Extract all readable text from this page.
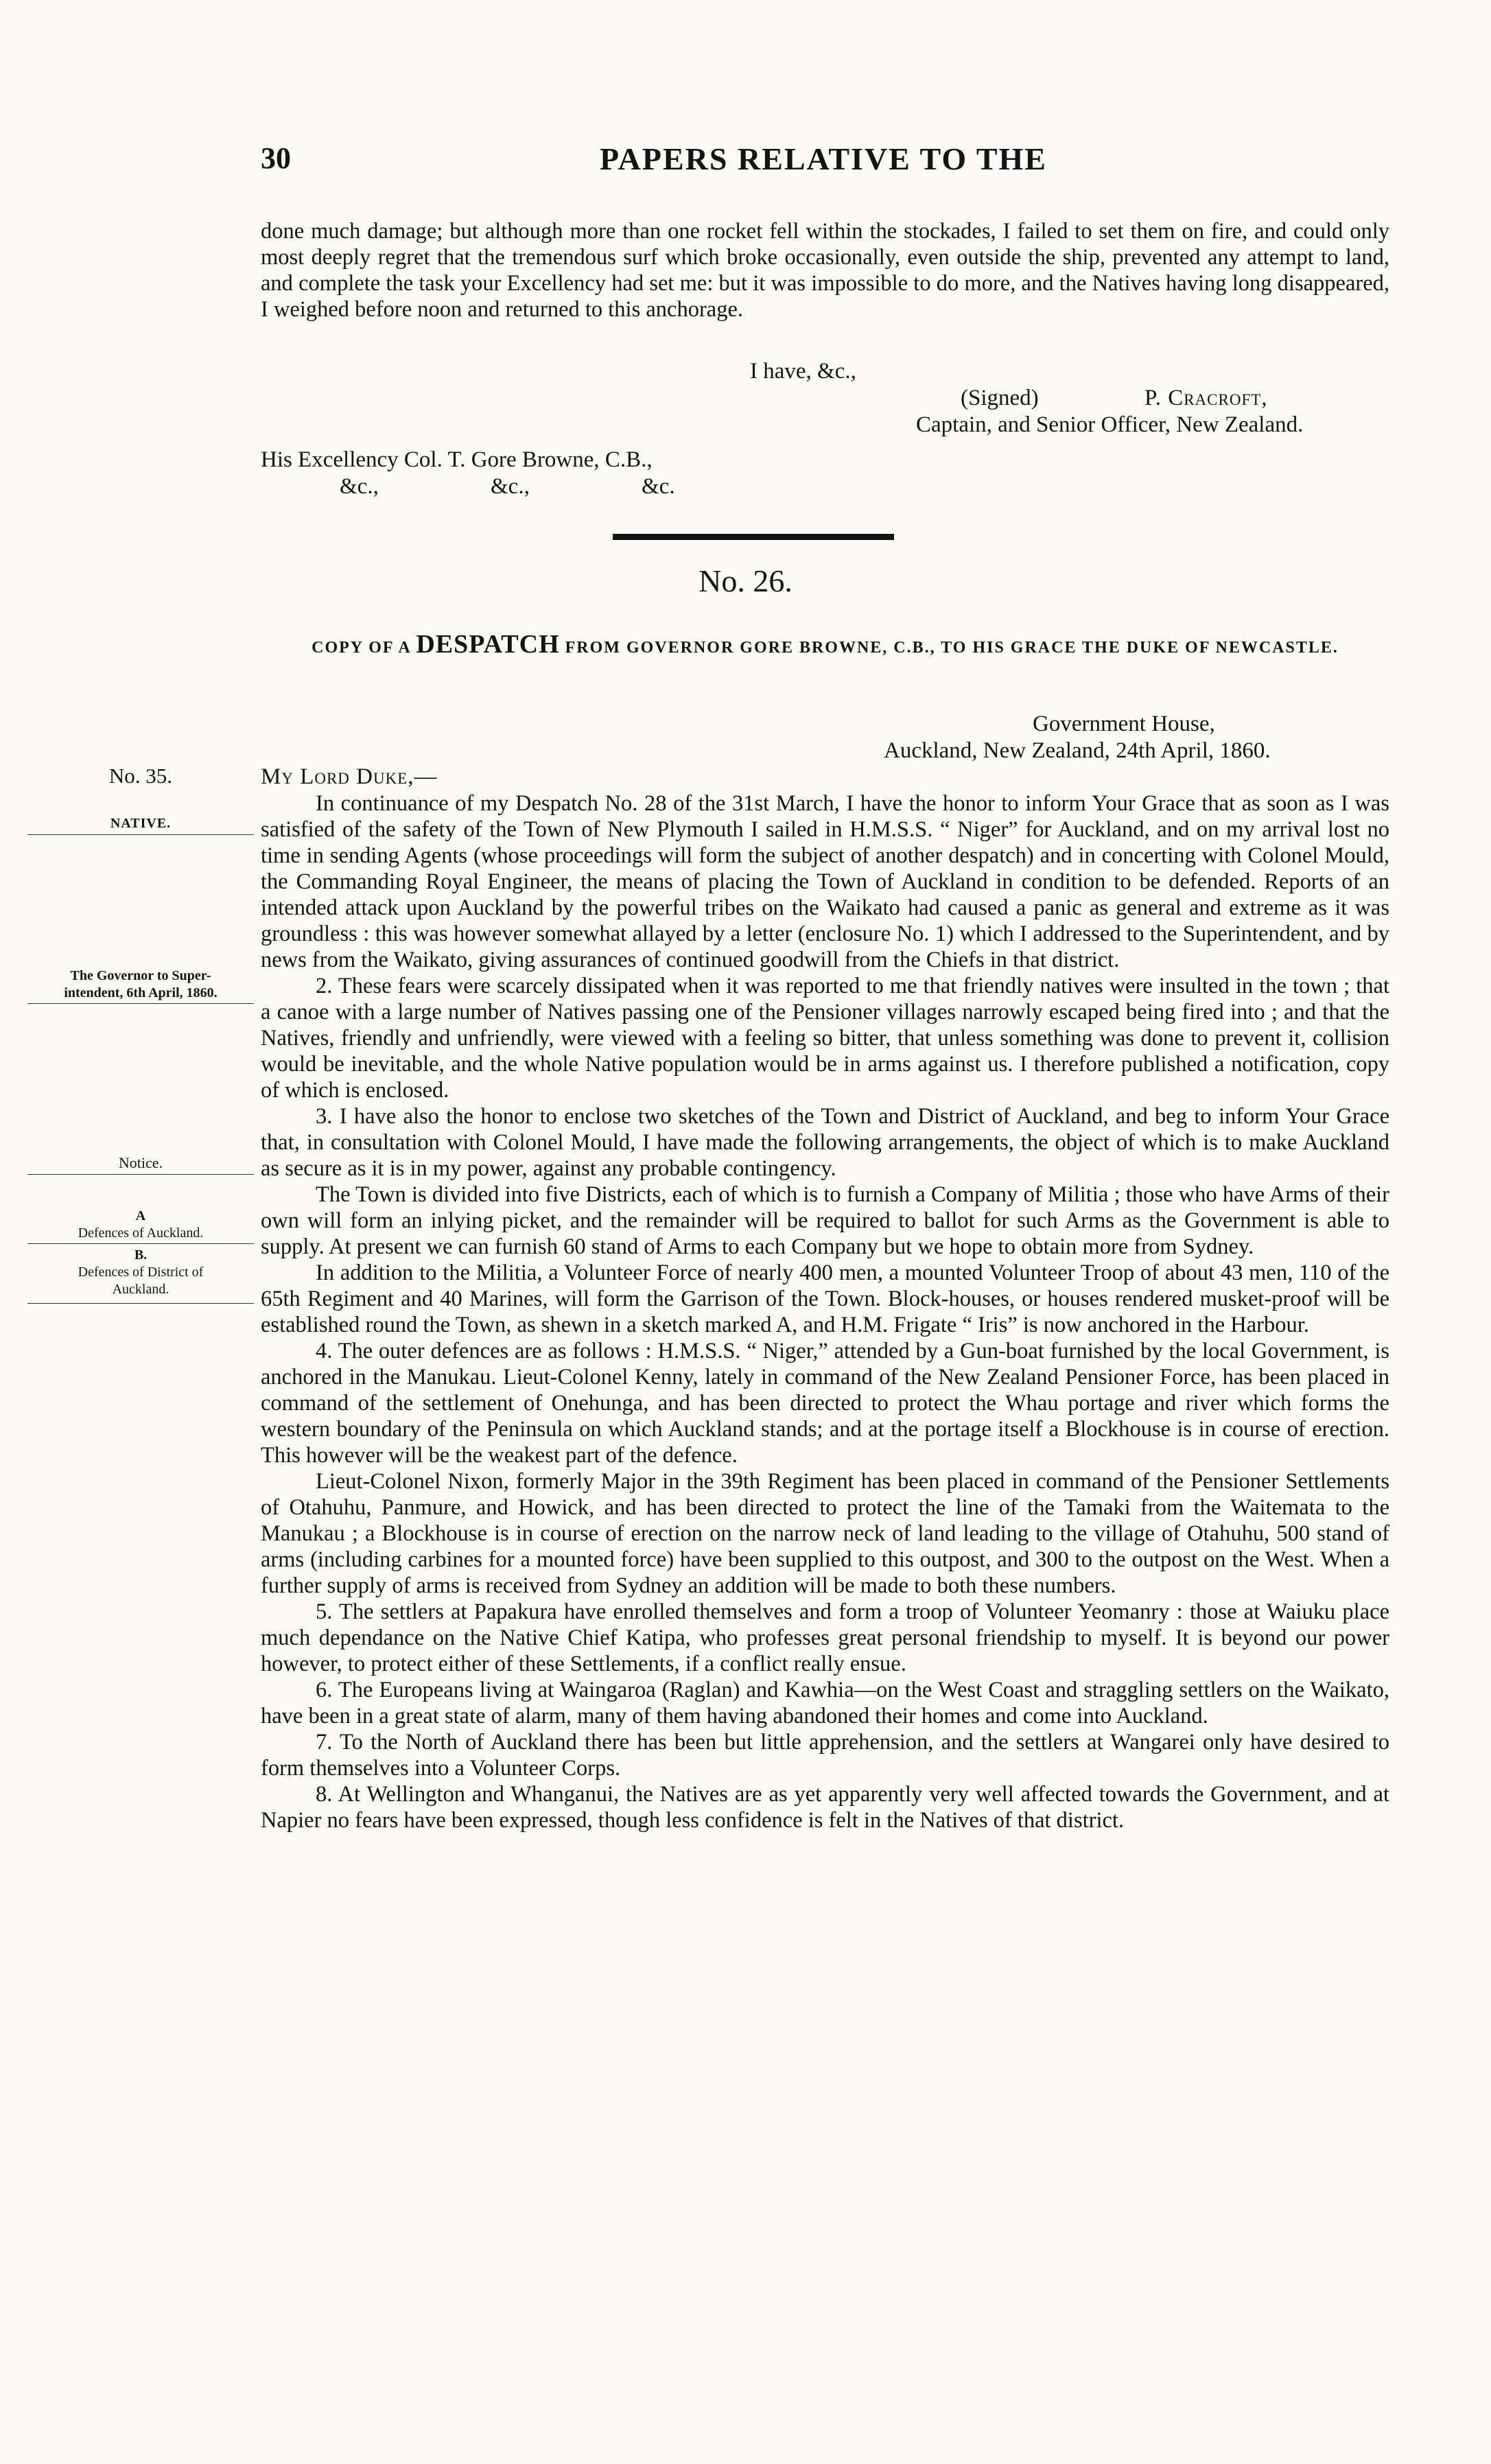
30	PAPERS RELATIVE TO THE

done much damage; but although more than one rocket fell within the stockades, I failed to set them on fire, and could only most deeply regret that the tremendous surf which broke occasionally, even outside the ship, prevented any attempt to land, and complete the task your Excellency had set me: but it was impossible to do more, and the Natives having long disappeared, I weighed before noon and returned to this anchorage.

I have, &c.,
(Signed)	P. Cracroft,
Captain, and Senior Officer, New Zealand.
His Excellency Col. T. Gore Browne, C.B.,
&c.,	&c.,	&c.
No. 26.
COPY OF A DESPATCH FROM GOVERNOR GORE BROWNE, C.B., TO HIS GRACE THE DUKE OF NEWCASTLE.
Government House,
Auckland, New Zealand, 24th April, 1860.
My Lord Duke,—

In continuance of my Despatch No. 28 of the 31st March, I have the honor to inform Your Grace that as soon as I was satisfied of the safety of the Town of New Plymouth I sailed in H.M.S.S. “ Niger” for Auckland, and on my arrival lost no time in sending Agents (whose proceedings will form the subject of another despatch) and in concerting with Colonel Mould, the Commanding Royal Engineer, the means of placing the Town of Auckland in condition to be defended. Reports of an intended attack upon Auckland by the powerful tribes on the Waikato had caused a panic as general and extreme as it was groundless : this was however somewhat allayed by a letter (enclosure No. 1) which I addressed to the Superintendent, and by news from the Waikato, giving assurances of continued goodwill from the Chiefs in that district.

2. These fears were scarcely dissipated when it was reported to me that friendly natives were insulted in the town ; that a canoe with a large number of Natives passing one of the Pensioner villages narrowly escaped being fired into ; and that the Natives, friendly and unfriendly, were viewed with a feeling so bitter, that unless something was done to prevent it, collision would be inevitable, and the whole Native population would be in arms against us. I therefore published a notification, copy of which is enclosed.

3. I have also the honor to enclose two sketches of the Town and District of Auckland, and beg to inform Your Grace that, in consultation with Colonel Mould, I have made the following arrangements, the object of which is to make Auckland as secure as it is in my power, against any probable contingency.

The Town is divided into five Districts, each of which is to furnish a Company of Militia ; those who have Arms of their own will form an inlying picket, and the remainder will be required to ballot for such Arms as the Government is able to supply. At present we can furnish 60 stand of Arms to each Company but we hope to obtain more from Sydney.

In addition to the Militia, a Volunteer Force of nearly 400 men, a mounted Volunteer Troop of about 43 men, 110 of the 65th Regiment and 40 Marines, will form the Garrison of the Town. Block-houses, or houses rendered musket-proof will be established round the Town, as shewn in a sketch marked A, and H.M. Frigate “ Iris” is now anchored in the Harbour.

4. The outer defences are as follows : H.M.S.S. “ Niger,” attended by a Gun-boat furnished by the local Government, is anchored in the Manukau. Lieut-Colonel Kenny, lately in command of the New Zealand Pensioner Force, has been placed in command of the settlement of Onehunga, and has been directed to protect the Whau portage and river which forms the western boundary of the Peninsula on which Auckland stands; and at the portage itself a Blockhouse is in course of erection. This however will be the weakest part of the defence.

Lieut-Colonel Nixon, formerly Major in the 39th Regiment has been placed in command of the Pensioner Settlements of Otahuhu, Panmure, and Howick, and has been directed to protect the line of the Tamaki from the Waitemata to the Manukau ; a Blockhouse is in course of erection on the narrow neck of land leading to the village of Otahuhu, 500 stand of arms (including carbines for a mounted force) have been supplied to this outpost, and 300 to the outpost on the West. When a further supply of arms is received from Sydney an addition will be made to both these numbers.

5. The settlers at Papakura have enrolled themselves and form a troop of Volunteer Yeomanry : those at Waiuku place much dependance on the Native Chief Katipa, who professes great personal friendship to myself. It is beyond our power however, to protect either of these Settlements, if a conflict really ensue.

6. The Europeans living at Waingaroa (Raglan) and Kawhia—on the West Coast and straggling settlers on the Waikato, have been in a great state of alarm, many of them having abandoned their homes and come into Auckland.

7. To the North of Auckland there has been but little apprehension, and the settlers at Wangarei only have desired to form themselves into a Volunteer Corps.

8. At Wellington and Whanganui, the Natives are as yet apparently very well affected towards the Government, and at Napier no fears have been expressed, though less confidence is felt in the Natives of that district.

No. 35.
NATIVE.
The Governor to Super-
intendent, 6th April, 1860.
Notice.
A
Defences of Auckland.
B.
Defences of District of
Auckland.
